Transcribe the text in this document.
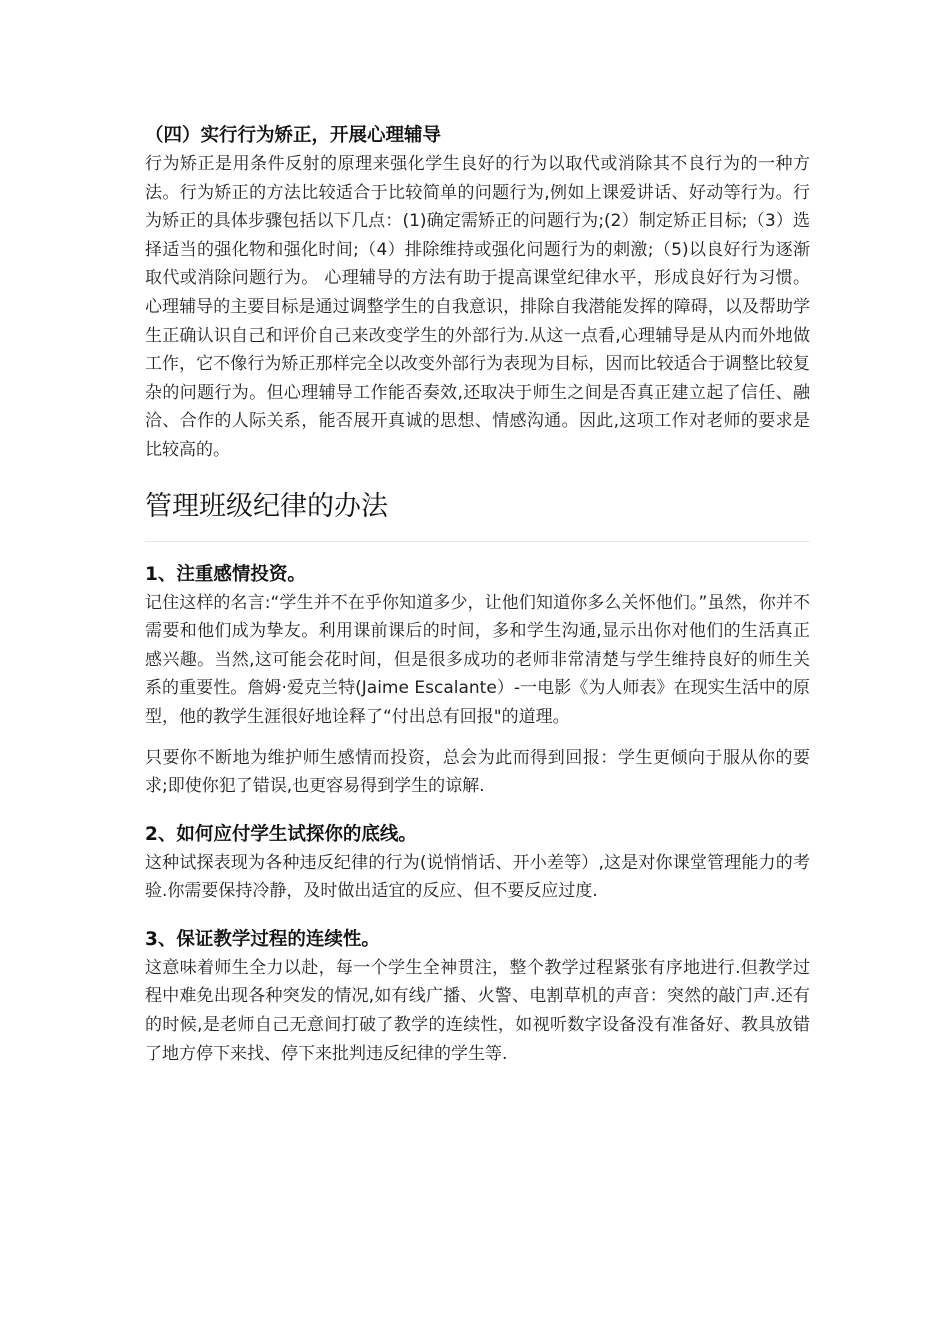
（四）实行行为矫正，开展心理辅导

行为矫正是用条件反射的原理来强化学生良好的行为以取代或消除其不良行为的一种方法。行为矫正的方法比较适合于比较简单的问题行为,例如上课爱讲话、好动等行为。行为矫正的具体步骤包括以下几点：(1)确定需矫正的问题行为;(2）制定矫正目标;（3）选择适当的强化物和强化时间;（4）排除维持或强化问题行为的刺激;（5)以良好行为逐渐取代或消除问题行为。 心理辅导的方法有助于提高课堂纪律水平，形成良好行为习惯。心理辅导的主要目标是通过调整学生的自我意识，排除自我潜能发挥的障碍，以及帮助学生正确认识自己和评价自己来改变学生的外部行为.从这一点看,心理辅导是从内而外地做工作，它不像行为矫正那样完全以改变外部行为表现为目标，因而比较适合于调整比较复杂的问题行为。但心理辅导工作能否奏效,还取决于师生之间是否真正建立起了信任、融洽、合作的人际关系，能否展开真诚的思想、情感沟通。因此,这项工作对老师的要求是比较高的。

管理班级纪律的办法

1、注重感情投资。

记住这样的名言:“学生并不在乎你知道多少，让他们知道你多么关怀他们。”虽然，你并不需要和他们成为挚友。利用课前课后的时间，多和学生沟通,显示出你对他们的生活真正感兴趣。当然,这可能会花时间，但是很多成功的老师非常清楚与学生维持良好的师生关系的重要性。詹姆·爱克兰特(Jaime Escalante）-一电影《为人师表》在现实生活中的原型，他的教学生涯很好地诠释了“付出总有回报"的道理。

只要你不断地为维护师生感情而投资，总会为此而得到回报：学生更倾向于服从你的要求;即使你犯了错误,也更容易得到学生的谅解.

2、如何应付学生试探你的底线。

这种试探表现为各种违反纪律的行为(说悄悄话、开小差等）,这是对你课堂管理能力的考验.你需要保持冷静，及时做出适宜的反应、但不要反应过度.

3、保证教学过程的连续性。

这意味着师生全力以赴，每一个学生全神贯注，整个教学过程紧张有序地进行.但教学过程中难免出现各种突发的情况,如有线广播、火警、电割草机的声音：突然的敲门声.还有的时候,是老师自己无意间打破了教学的连续性，如视听数字设备没有准备好、教具放错了地方停下来找、停下来批判违反纪律的学生等.
